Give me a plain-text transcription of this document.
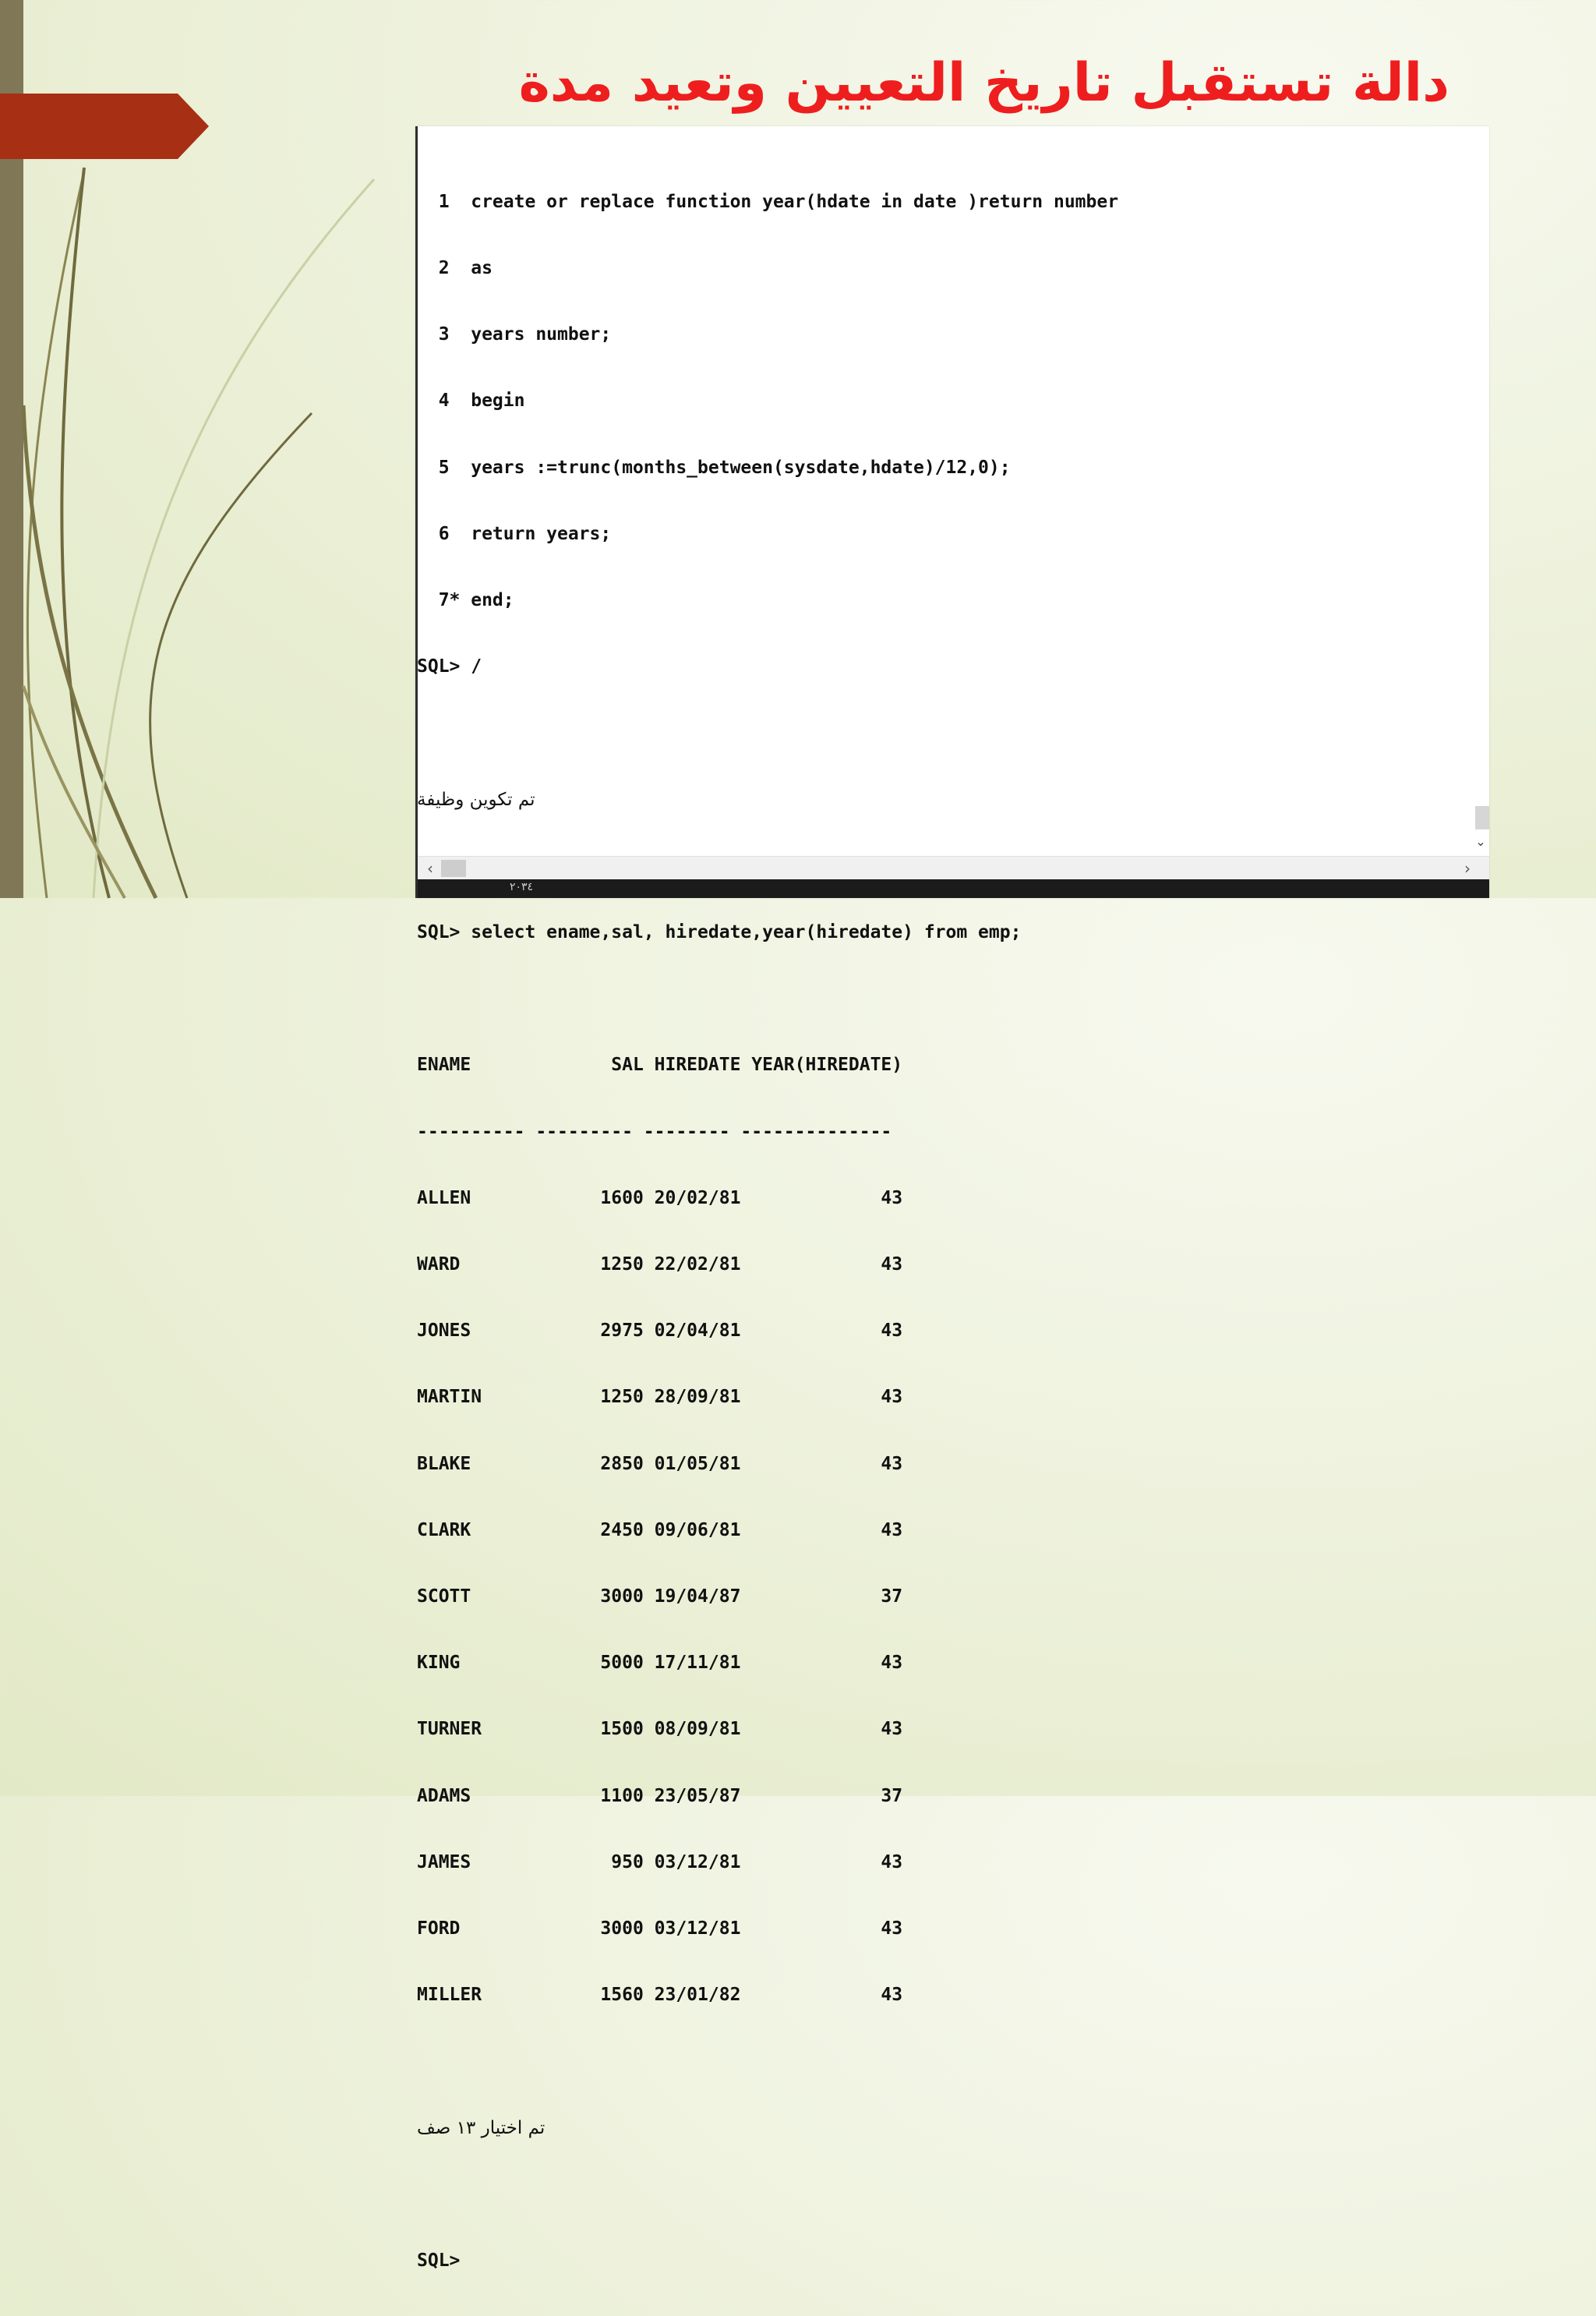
دالة تستقبل تاريخ التعيين وتعيد مدة

1  create or replace function year(hdate in date )return number

2  as

3  years number;

4  begin

5  years :=trunc(months_between(sysdate,hdate)/12,0);

6  return years;

7* end;

SQL> /

تم تكوين وظيفة

SQL> select ename,sal, hiredate,year(hiredate) from emp;

ENAME             SAL HIREDATE YEAR(HIREDATE)

---------- --------- -------- --------------

ALLEN            1600 20/02/81             43

WARD             1250 22/02/81             43

JONES            2975 02/04/81             43

MARTIN           1250 28/09/81             43

BLAKE            2850 01/05/81             43

CLARK            2450 09/06/81             43

SCOTT            3000 19/04/87             37

KING             5000 17/11/81             43

TURNER           1500 08/09/81             43

ADAMS            1100 23/05/87             37

JAMES             950 03/12/81             43

FORD             3000 03/12/81             43

MILLER           1560 23/01/82             43

تم اختيار ١٣ صف

SQL>

⌄
‹	›
٢٠٣٤
